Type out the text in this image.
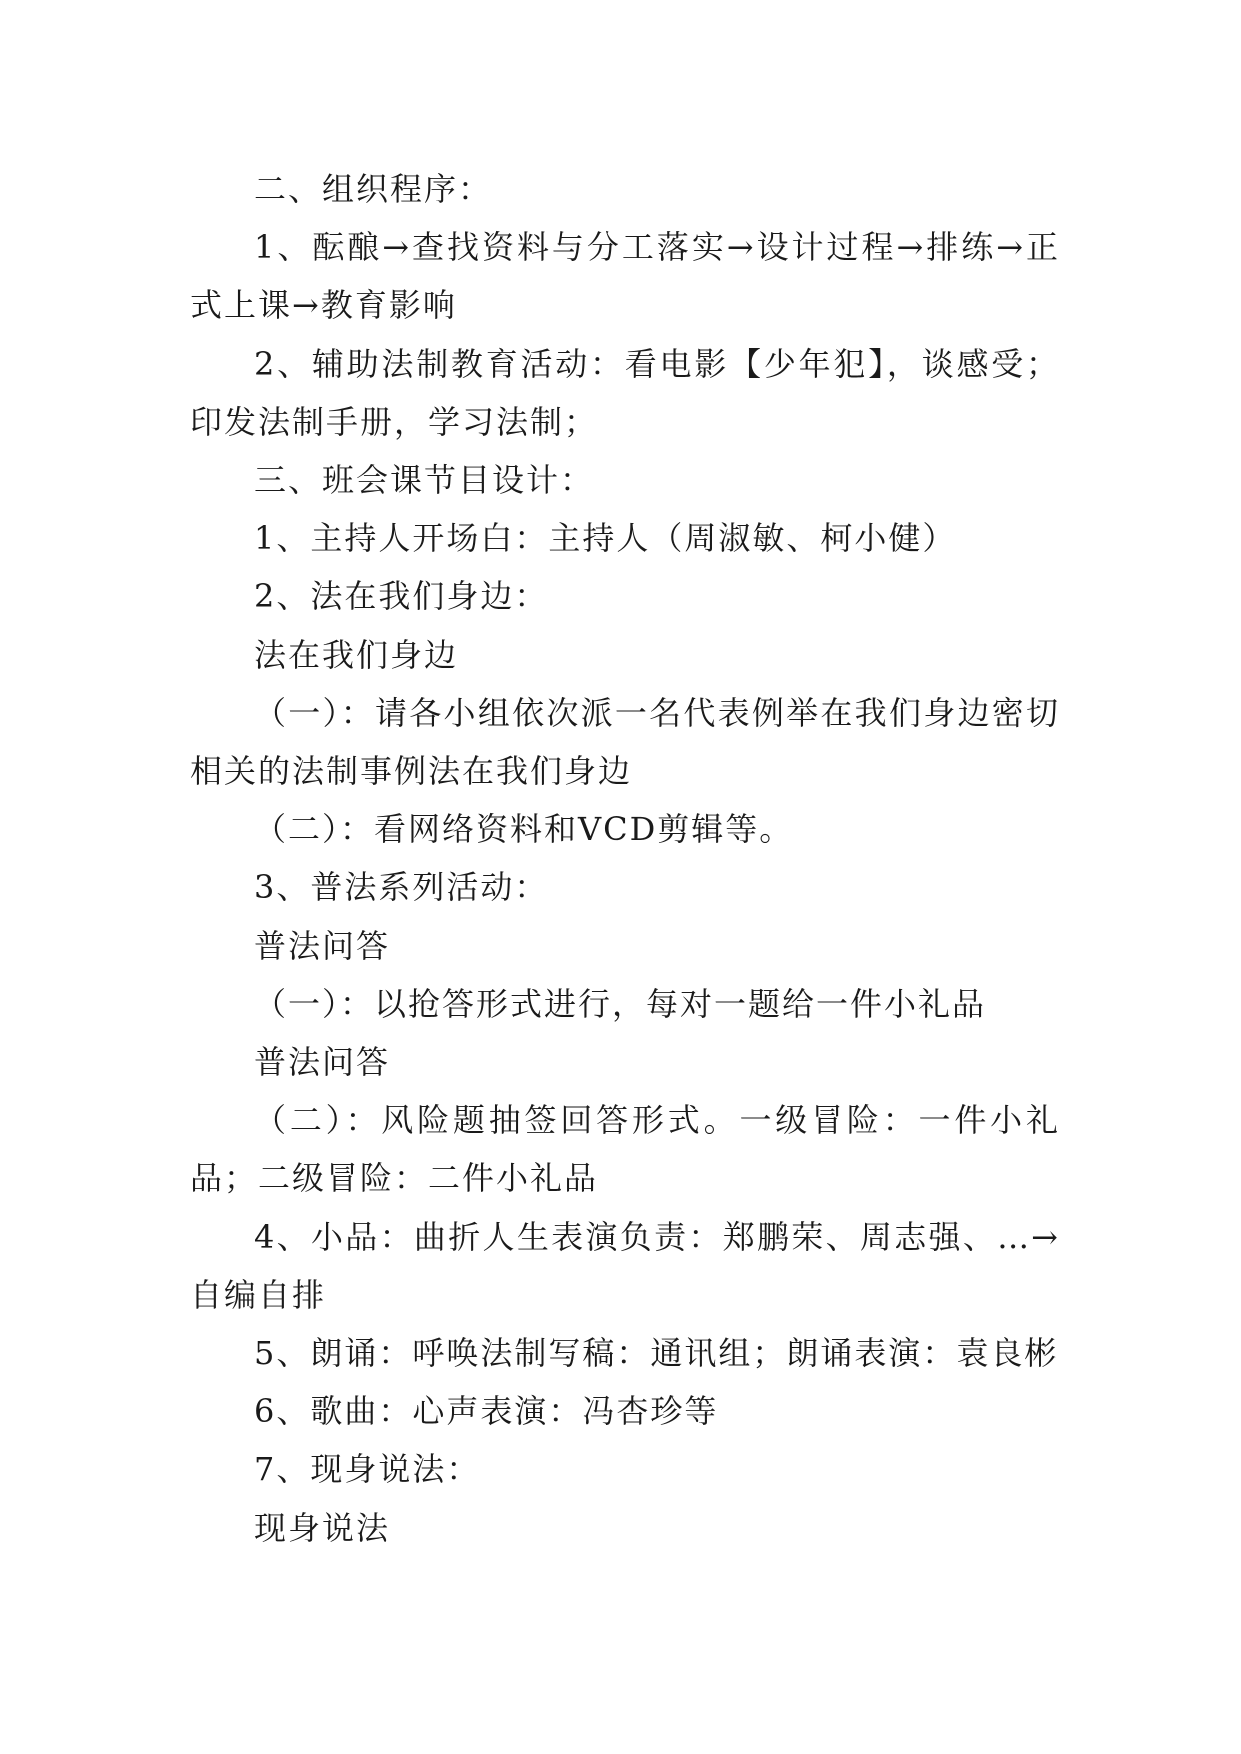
二、组织程序：

1、酝酿→查找资料与分工落实→设计过程→排练→正式上课→教育影响

2、辅助法制教育活动：看电影【少年犯】，谈感受；印发法制手册，学习法制；

三、班会课节目设计：

1、主持人开场白：主持人（周淑敏、柯小健）

2、法在我们身边：

法在我们身边

（一）：请各小组依次派一名代表例举在我们身边密切相关的法制事例法在我们身边

（二）：看网络资料和VCD剪辑等。

3、普法系列活动：

普法问答

（一）：以抢答形式进行，每对一题给一件小礼品

普法问答

（二）：风险题抽签回答形式。一级冒险：一件小礼品；二级冒险：二件小礼品

4、小品：曲折人生表演负责：郑鹏荣、周志强、…→自编自排

5、朗诵：呼唤法制写稿：通讯组；朗诵表演：袁良彬

6、歌曲：心声表演：冯杏珍等

7、现身说法：

现身说法
